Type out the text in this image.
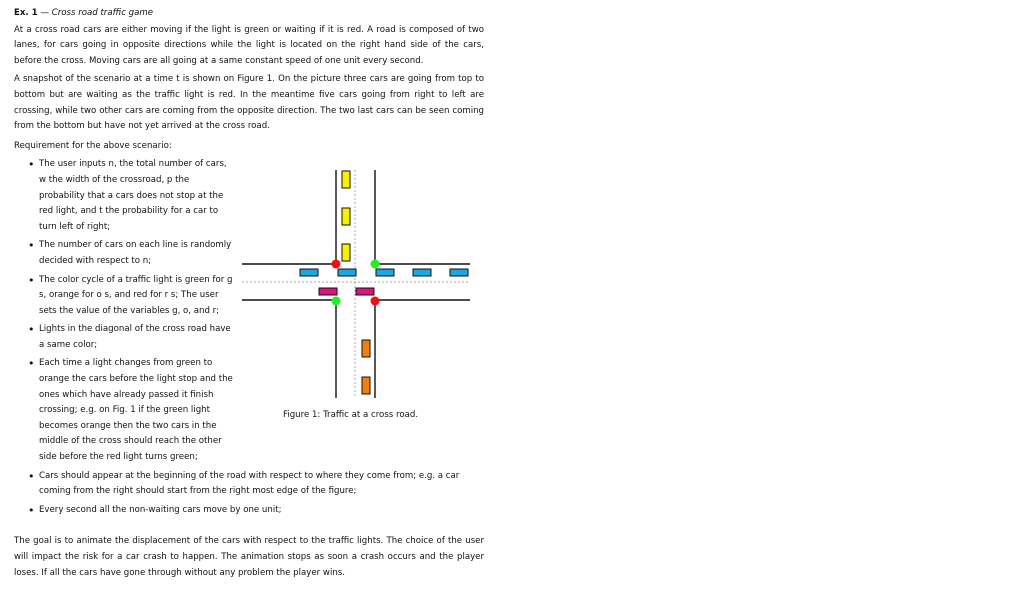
Ex. 1 — Cross road traffic game

At a cross road cars are either moving if the light is green or waiting if it is red. A road is composed of two lanes, for cars going in opposite directions while the light is located on the right hand side of the cars, before the cross. Moving cars are all going at a same constant speed of one unit every second.

A snapshot of the scenario at a time t is shown on Figure 1. On the picture three cars are going from top to bottom but are waiting as the traffic light is red. In the meantime five cars going from right to left are crossing, while two other cars are coming from the opposite direction. The two last cars can be seen coming from the bottom but have not yet arrived at the cross road.

Requirement for the above scenario:

• The user inputs n, the total number of cars, w the width of the crossroad, p the probability that a cars does not stop at the red light, and t the probability for a car to turn left of right;
• The number of cars on each line is randomly decided with respect to n;
• The color cycle of a traffic light is green for g s, orange for o s, and red for r s; The user sets the value of the variables g, o, and r;
• Lights in the diagonal of the cross road have a same color;
• Each time a light changes from green to orange the cars before the light stop and the ones which have already passed it finish crossing; e.g. on Fig. 1 if the green light becomes orange then the two cars in the middle of the cross should reach the other side before the red light turns green;
• Cars should appear at the beginning of the road with respect to where they come from; e.g. a car coming from the right should start from the right most edge of the figure;
• Every second all the non-waiting cars move by one unit;

The goal is to animate the displacement of the cars with respect to the traffic lights. The choice of the user will impact the risk for a car crash to happen. The animation stops as soon a crash occurs and the player loses. If all the cars have gone through without any problem the player wins.

Figure 1: Traffic at a cross road.
